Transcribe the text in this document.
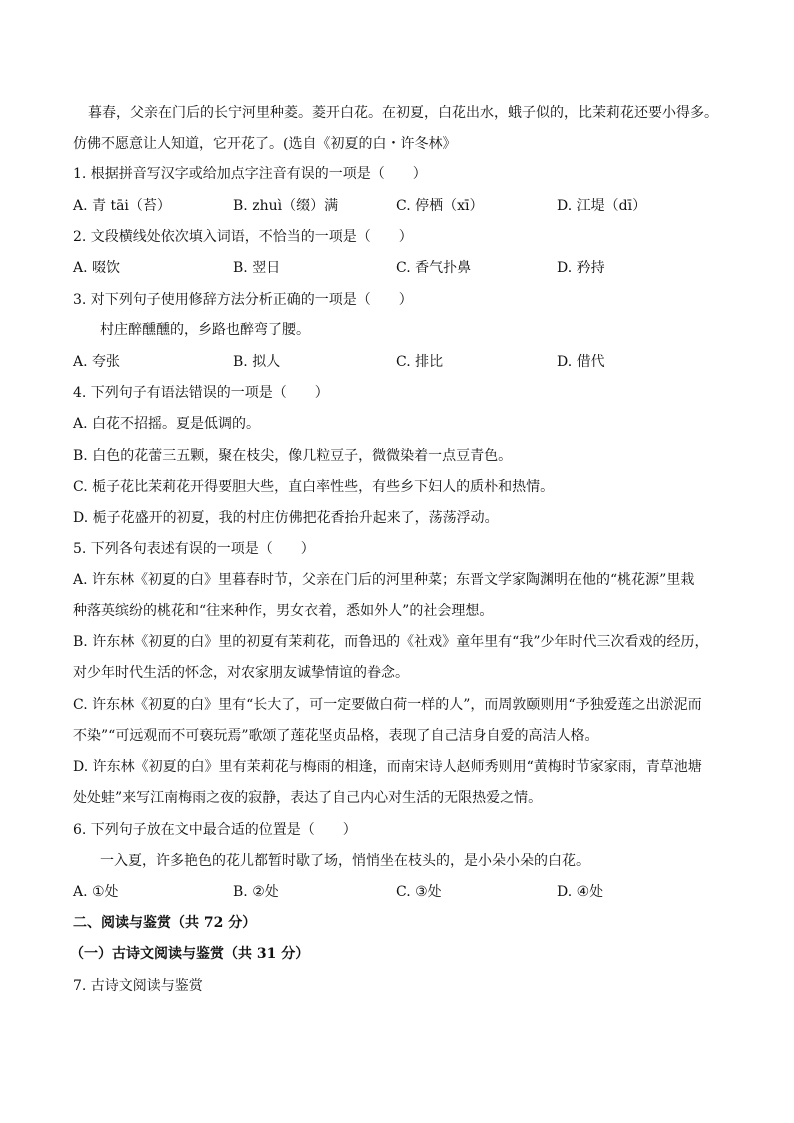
暮春，父亲在门后的长宁河里种菱。菱开白花。在初夏，白花出水，蛾子似的，比茉莉花还要小得多。
仿佛不愿意让人知道，它开花了。(选自《初夏的白・许冬林》
1. 根据拼音写汉字或给加点字注音有误的一项是（　　）
A. 青 tāi（苔）	B. zhuì（缀）满	C. 停栖（xī）	D. 江堤（dī）
2. 文段横线处依次填入词语，不恰当的一项是（　　）
A. 啜饮	B. 翌日	C. 香气扑鼻	D. 矜持
3. 对下列句子使用修辞方法分析正确的一项是（　　）
村庄醉醺醺的，乡路也醉弯了腰。
A. 夸张	B. 拟人	C. 排比	D. 借代
4. 下列句子有语法错误的一项是（　　）
A. 白花不招摇。夏是低调的。
B. 白色的花蕾三五颗，聚在枝尖，像几粒豆子，微微染着一点豆青色。
C. 栀子花比茉莉花开得要胆大些，直白率性些，有些乡下妇人的质朴和热情。
D. 栀子花盛开的初夏，我的村庄仿佛把花香抬升起来了，荡荡浮动。
5. 下列各句表述有误的一项是（　　）
A. 许东林《初夏的白》里暮春时节，父亲在门后的河里种菜；东晋文学家陶渊明在他的“桃花源”里栽
种落英缤纷的桃花和“往来种作，男女衣着，悉如外人”的社会理想。
B. 许东林《初夏的白》里的初夏有茉莉花，而鲁迅的《社戏》童年里有“我”少年时代三次看戏的经历，
对少年时代生活的怀念，对农家朋友诚挚情谊的眷念。
C. 许东林《初夏的白》里有“长大了，可一定要做白荷一样的人”，而周敦颐则用“予独爱莲之出淤泥而
不染”“可远观而不可亵玩焉”歌颂了莲花坚贞品格，表现了自己洁身自爱的高洁人格。
D. 许东林《初夏的白》里有茉莉花与梅雨的相逢，而南宋诗人赵师秀则用“黄梅时节家家雨，青草池塘
处处蛙”来写江南梅雨之夜的寂静，表达了自己内心对生活的无限热爱之情。
6. 下列句子放在文中最合适的位置是（　　）
一入夏，许多艳色的花儿都暂时歇了场，悄悄坐在枝头的，是小朵小朵的白花。
A. ①处	B. ②处	C. ③处	D. ④处
二、阅读与鉴赏（共 72 分）
（一）古诗文阅读与鉴赏（共 31 分）
7. 古诗文阅读与鉴赏
